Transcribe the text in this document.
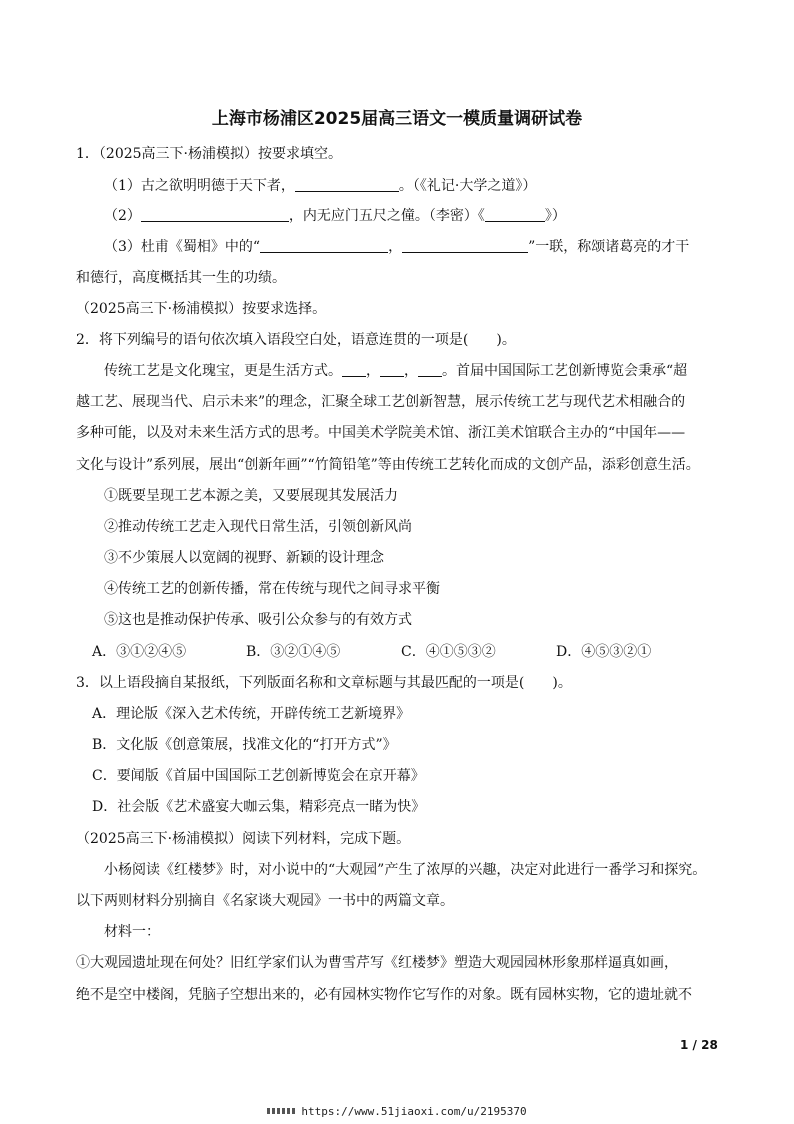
上海市杨浦区2025届高三语文一模质量调研试卷
1．（2025高三下·杨浦模拟）按要求填空。
（1）古之欲明明德于天下者，	。（《礼记·大学之道》）
（2）	，内无应门五尺之僮。（李密）《	》）
（3）杜甫《蜀相》中的“	，	”一联，称颂诸葛亮的才干
和德行，高度概括其一生的功绩。
（2025高三下·杨浦模拟）按要求选择。
2．将下列编号的语句依次填入语段空白处，语意连贯的一项是(　　)。
传统工艺是文化瑰宝，更是生活方式。 ， ， 。首届中国国际工艺创新博览会秉承“超
越工艺、展现当代、启示未来”的理念，汇聚全球工艺创新智慧，展示传统工艺与现代艺术相融合的
多种可能，以及对未来生活方式的思考。中国美术学院美术馆、浙江美术馆联合主办的“中国年——
文化与设计”系列展，展出“创新年画”“竹简铅笔”等由传统工艺转化而成的文创产品，添彩创意生活。
①既要呈现工艺本源之美，又要展现其发展活力
②推动传统工艺走入现代日常生活，引领创新风尚
③不少策展人以宽阔的视野、新颖的设计理念
④传统工艺的创新传播，常在传统与现代之间寻求平衡
⑤这也是推动保护传承、吸引公众参与的有效方式
A．③①②④⑤	B．③②①④⑤	C．④①⑤③②	D．④⑤③②①
3．以上语段摘自某报纸，下列版面名称和文章标题与其最匹配的一项是(　　)。
A．理论版《深入艺术传统，开辟传统工艺新境界》
B．文化版《创意策展，找准文化的“打开方式”》
C．要闻版《首届中国国际工艺创新博览会在京开幕》
D．社会版《艺术盛宴大咖云集，精彩亮点一睹为快》
（2025高三下·杨浦模拟）阅读下列材料，完成下题。
小杨阅读《红楼梦》时，对小说中的“大观园”产生了浓厚的兴趣，决定对此进行一番学习和探究。
以下两则材料分别摘自《名家谈大观园》一书中的两篇文章。
材料一：
①大观园遗址现在何处？旧红学家们认为曹雪芹写《红楼梦》塑造大观园园林形象那样逼真如画，
绝不是空中楼阁，凭脑子空想出来的，必有园林实物作它写作的对象。既有园林实物，它的遗址就不
1 / 28
https://www.51jiaoxi.com/u/2195370
